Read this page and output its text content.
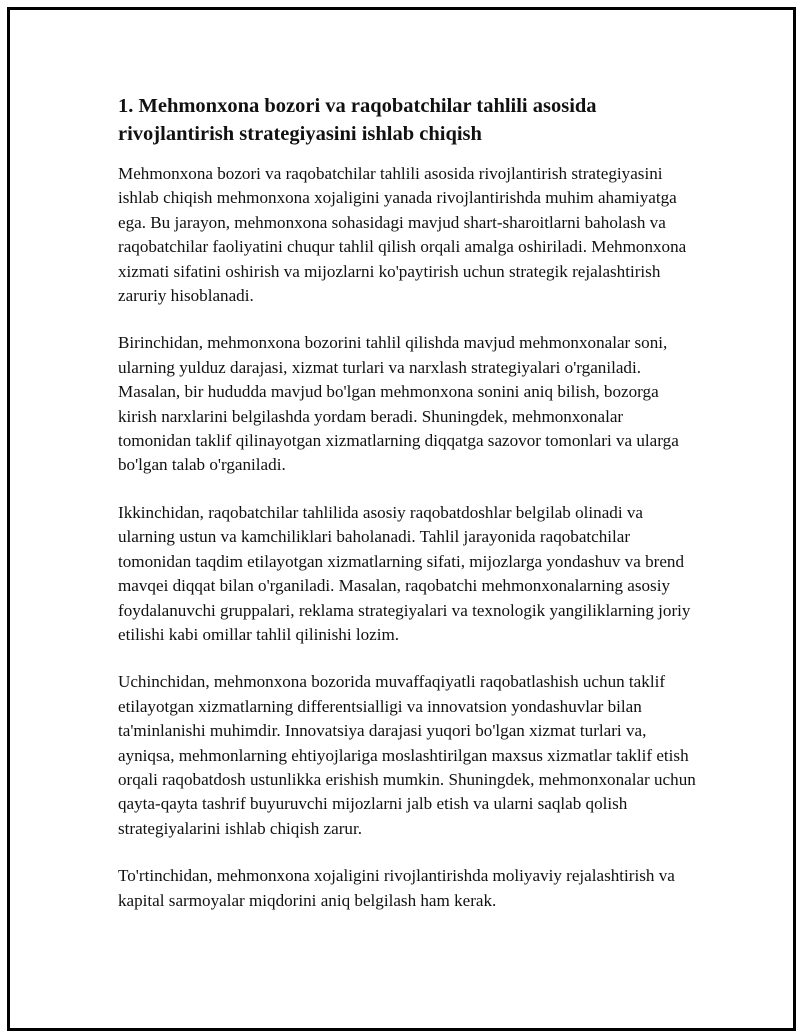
1. Mehmonxona bozori va raqobatchilar tahlili asosida rivojlantirish strategiyasini ishlab chiqish

Mehmonxona bozori va raqobatchilar tahlili asosida rivojlantirish strategiyasini ishlab chiqish mehmonxona xojaligini yanada rivojlantirishda muhim ahamiyatga ega. Bu jarayon, mehmonxona sohasidagi mavjud shart-sharoitlarni baholash va raqobatchilar faoliyatini chuqur tahlil qilish orqali amalga oshiriladi. Mehmonxona xizmati sifatini oshirish va mijozlarni ko'paytirish uchun strategik rejalashtirish zaruriy hisoblanadi.

Birinchidan, mehmonxona bozorini tahlil qilishda mavjud mehmonxonalar soni, ularning yulduz darajasi, xizmat turlari va narxlash strategiyalari o'rganiladi. Masalan, bir hududda mavjud bo'lgan mehmonxona sonini aniq bilish, bozorga kirish narxlarini belgilashda yordam beradi. Shuningdek, mehmonxonalar tomonidan taklif qilinayotgan xizmatlarning diqqatga sazovor tomonlari va ularga bo'lgan talab o'rganiladi.

Ikkinchidan, raqobatchilar tahlilida asosiy raqobatdoshlar belgilab olinadi va ularning ustun va kamchiliklari baholanadi. Tahlil jarayonida raqobatchilar tomonidan taqdim etilayotgan xizmatlarning sifati, mijozlarga yondashuv va brend mavqei diqqat bilan o'rganiladi. Masalan, raqobatchi mehmonxonalarning asosiy foydalanuvchi gruppalari, reklama strategiyalari va texnologik yangiliklarning joriy etilishi kabi omillar tahlil qilinishi lozim.

Uchinchidan, mehmonxona bozorida muvaffaqiyatli raqobatlashish uchun taklif etilayotgan xizmatlarning differentsialligi va innovatsion yondashuvlar bilan ta'minlanishi muhimdir. Innovatsiya darajasi yuqori bo'lgan xizmat turlari va, ayniqsa, mehmonlarning ehtiyojlariga moslashtirilgan maxsus xizmatlar taklif etish orqali raqobatdosh ustunlikka erishish mumkin. Shuningdek, mehmonxonalar uchun qayta-qayta tashrif buyuruvchi mijozlarni jalb etish va ularni saqlab qolish strategiyalarini ishlab chiqish zarur.

To'rtinchidan, mehmonxona xojaligini rivojlantirishda moliyaviy rejalashtirish va kapital sarmoyalar miqdorini aniq belgilash ham kerak.
